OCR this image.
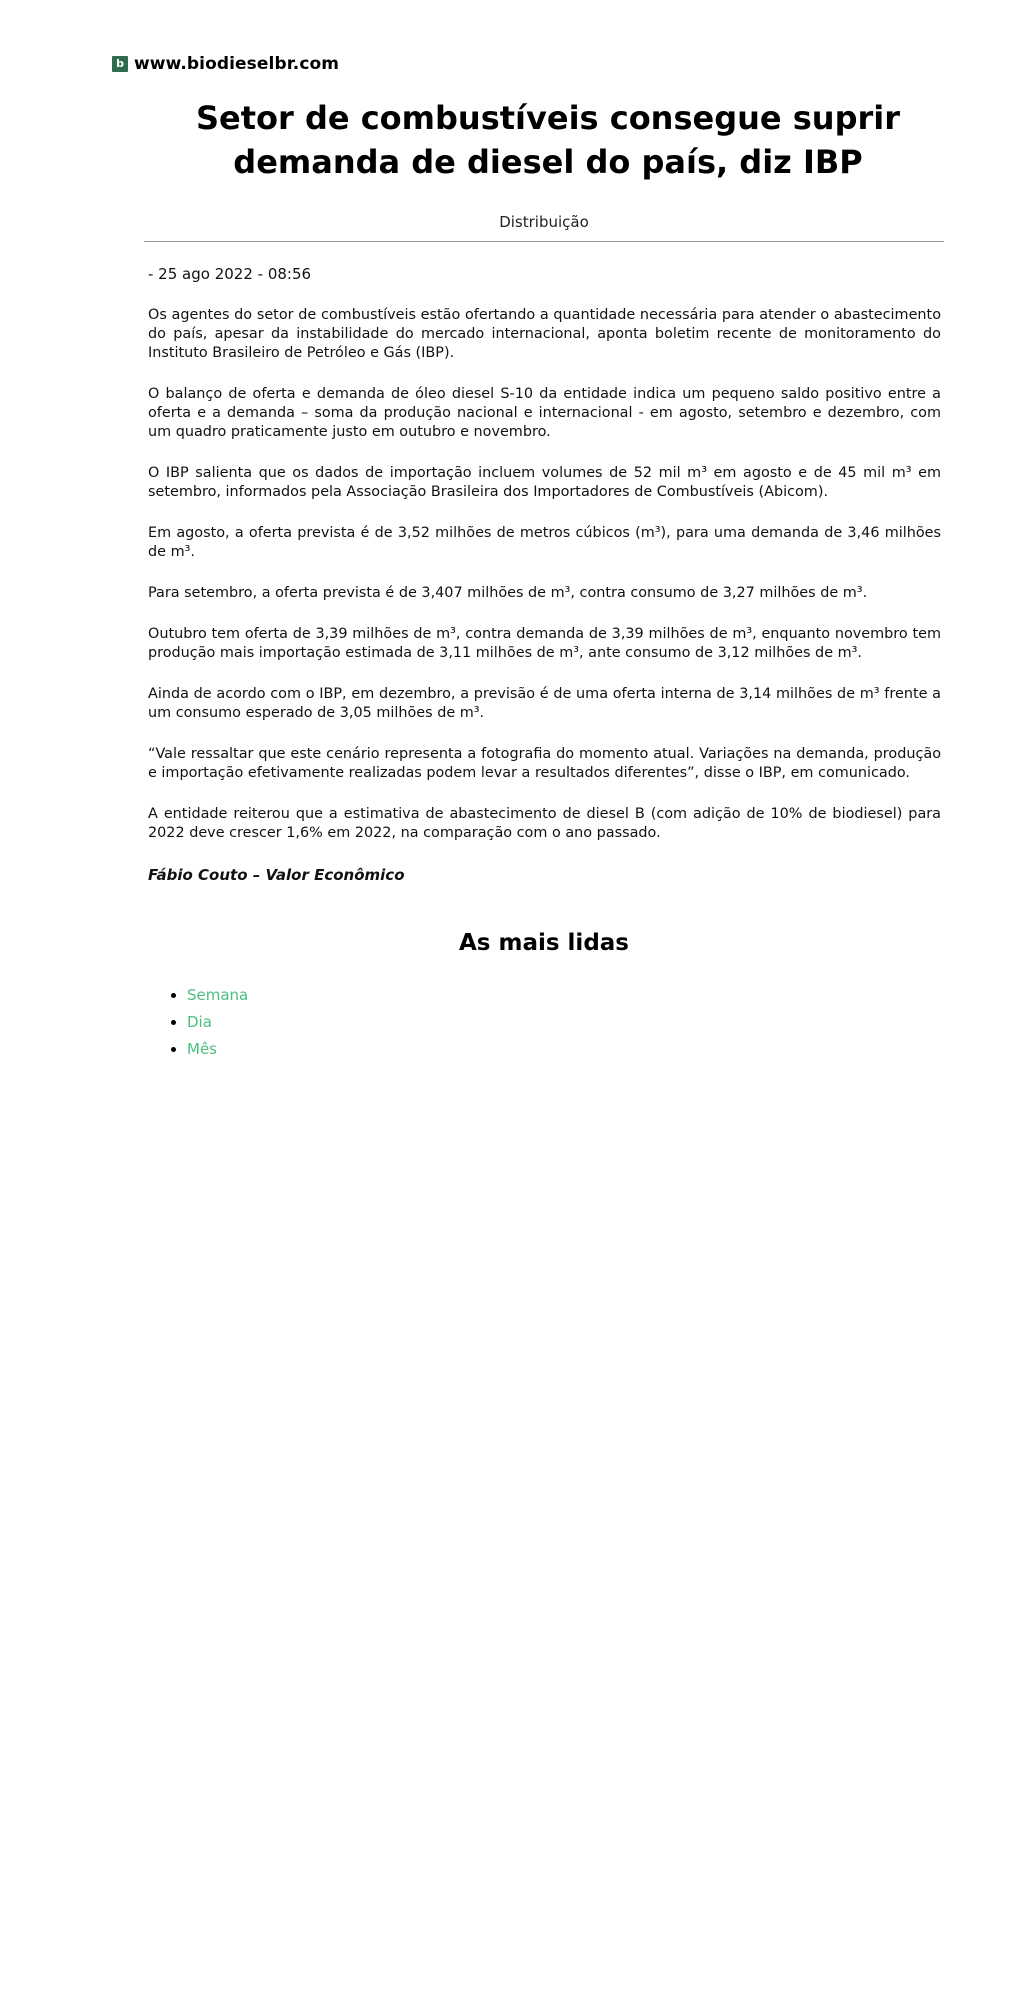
b www.biodieselbr.com
Setor de combustíveis consegue suprir demanda de diesel do país, diz IBP
Distribuição

- 25 ago 2022 - 08:56

Os agentes do setor de combustíveis estão ofertando a quantidade necessária para atender o abastecimento do país, apesar da instabilidade do mercado internacional, aponta boletim recente de monitoramento do Instituto Brasileiro de Petróleo e Gás (IBP).

O balanço de oferta e demanda de óleo diesel S-10 da entidade indica um pequeno saldo positivo entre a oferta e a demanda – soma da produção nacional e internacional - em agosto, setembro e dezembro, com um quadro praticamente justo em outubro e novembro.

O IBP salienta que os dados de importação incluem volumes de 52 mil m³ em agosto e de 45 mil m³ em setembro, informados pela Associação Brasileira dos Importadores de Combustíveis (Abicom).

Em agosto, a oferta prevista é de 3,52 milhões de metros cúbicos (m³), para uma demanda de 3,46 milhões de m³.

Para setembro, a oferta prevista é de 3,407 milhões de m³, contra consumo de 3,27 milhões de m³.

Outubro tem oferta de 3,39 milhões de m³, contra demanda de 3,39 milhões de m³, enquanto novembro tem produção mais importação estimada de 3,11 milhões de m³, ante consumo de 3,12 milhões de m³.

Ainda de acordo com o IBP, em dezembro, a previsão é de uma oferta interna de 3,14 milhões de m³ frente a um consumo esperado de 3,05 milhões de m³.

“Vale ressaltar que este cenário representa a fotografia do momento atual. Variações na demanda, produção e importação efetivamente realizadas podem levar a resultados diferentes”, disse o IBP, em comunicado.

A entidade reiterou que a estimativa de abastecimento de diesel B (com adição de 10% de biodiesel) para 2022 deve crescer 1,6% em 2022, na comparação com o ano passado.

Fábio Couto – Valor Econômico

As mais lidas
• Semana
• Dia
• Mês
